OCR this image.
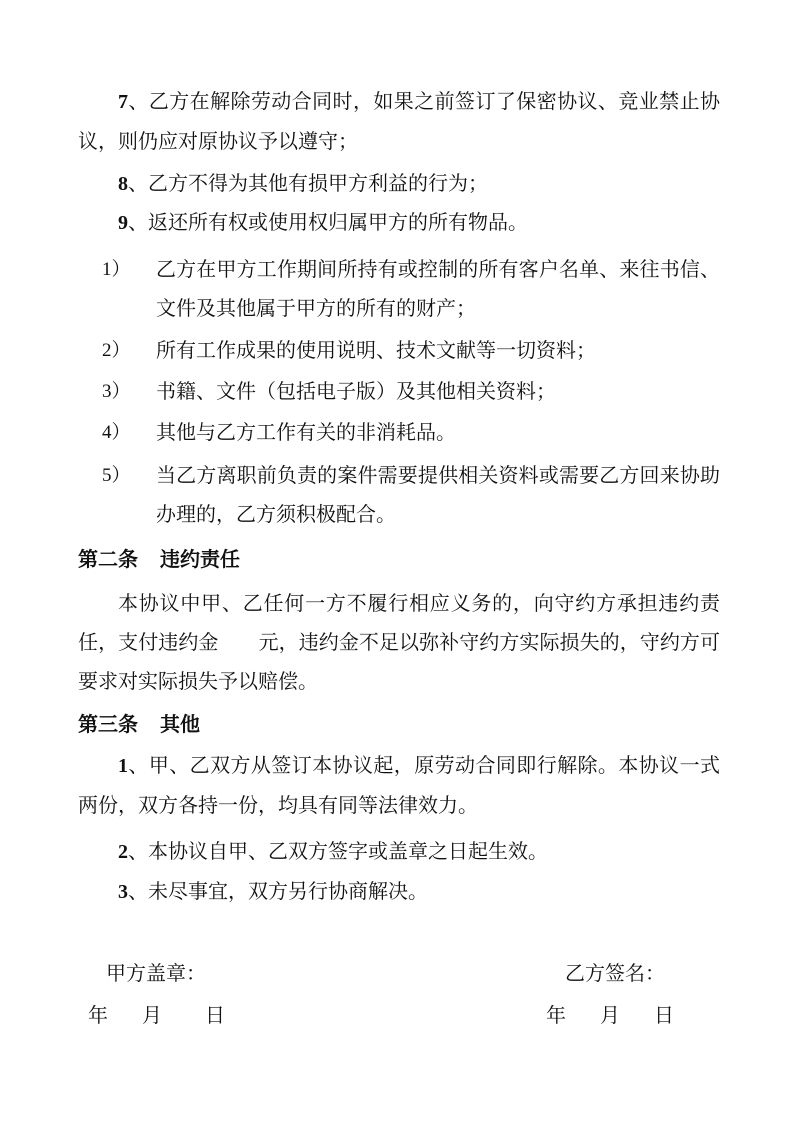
7、乙方在解除劳动合同时，如果之前签订了保密协议、竞业禁止协议，则仍应对原协议予以遵守；

8、乙方不得为其他有损甲方利益的行为；

9、返还所有权或使用权归属甲方的所有物品。

1） 乙方在甲方工作期间所持有或控制的所有客户名单、来往书信、文件及其他属于甲方的所有的财产；
2） 所有工作成果的使用说明、技术文献等一切资料；
3） 书籍、文件（包括电子版）及其他相关资料；
4） 其他与乙方工作有关的非消耗品。
5） 当乙方离职前负责的案件需要提供相关资料或需要乙方回来协助办理的，乙方须积极配合。
第二条 违约责任

本协议中甲、乙任何一方不履行相应义务的，向守约方承担违约责任，支付违约金　　元，违约金不足以弥补守约方实际损失的，守约方可要求对实际损失予以赔偿。

第三条 其他

1、甲、乙双方从签订本协议起，原劳动合同即行解除。本协议一式两份，双方各持一份，均具有同等法律效力。

2、本协议自甲、乙双方签字或盖章之日起生效。

3、未尽事宜，双方另行协商解决。

甲方盖章：	乙方签名：
年 月 日	年 月 日
